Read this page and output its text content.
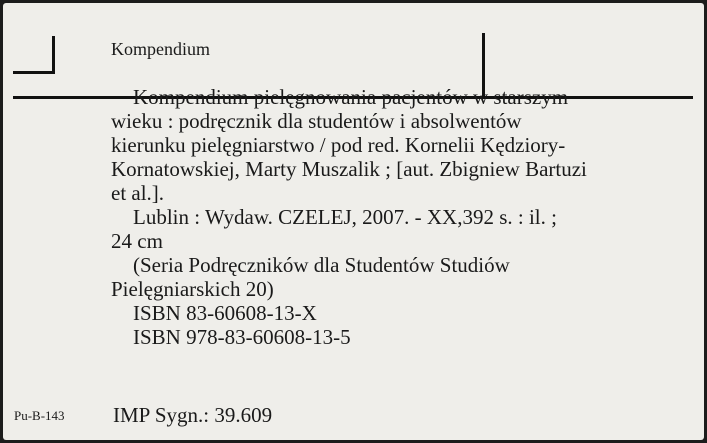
Kompendium
Kompendium pielęgnowania pacjentów w starszym
wieku : podręcznik dla studentów i absolwentów
kierunku pielęgniarstwo / pod red. Kornelii Kędziory-
Kornatowskiej, Marty Muszalik ; [aut. Zbigniew Bartuzi
et al.].
Lublin : Wydaw. CZELEJ, 2007. - XX,392 s. : il. ;
24 cm
(Seria Podręczników dla Studentów Studiów
Pielęgniarskich 20)
ISBN 83-60608-13-X
ISBN 978-83-60608-13-5
Pu-B-143 IMP Sygn.: 39.609
